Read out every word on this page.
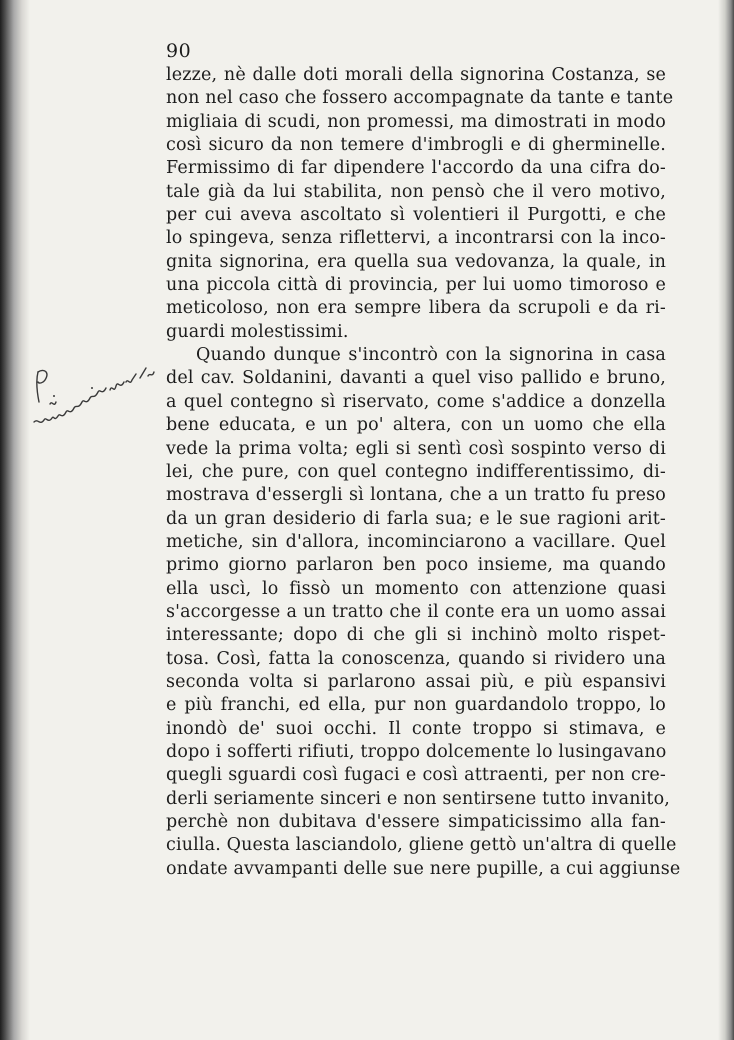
90
lezze, nè dalle doti morali della signorina Costanza, se
non nel caso che fossero accompagnate da tante e tante
migliaia di scudi, non promessi, ma dimostrati in modo
così sicuro da non temere d'imbrogli e di gherminelle.
Fermissimo di far dipendere l'accordo da una cifra do-
tale già da lui stabilita, non pensò che il vero motivo,
per cui aveva ascoltato sì volentieri il Purgotti, e che
lo spingeva, senza riflettervi, a incontrarsi con la inco-
gnita signorina, era quella sua vedovanza, la quale, in
una piccola città di provincia, per lui uomo timoroso e
meticoloso, non era sempre libera da scrupoli e da ri-
guardi molestissimi.
Quando dunque s'incontrò con la signorina in casa
del cav. Soldanini, davanti a quel viso pallido e bruno,
a quel contegno sì riservato, come s'addice a donzella
bene educata, e un po' altera, con un uomo che ella
vede la prima volta; egli si sentì così sospinto verso di
lei, che pure, con quel contegno indifferentissimo, di-
mostrava d'essergli sì lontana, che a un tratto fu preso
da un gran desiderio di farla sua; e le sue ragioni arit-
metiche, sin d'allora, incominciarono a vacillare. Quel
primo giorno parlaron ben poco insieme, ma quando
ella uscì, lo fissò un momento con attenzione quasi
s'accorgesse a un tratto che il conte era un uomo assai
interessante; dopo di che gli si inchinò molto rispet-
tosa. Così, fatta la conoscenza, quando si rividero una
seconda volta si parlarono assai più, e più espansivi
e più franchi, ed ella, pur non guardandolo troppo, lo
inondò de' suoi occhi. Il conte troppo si stimava, e
dopo i sofferti rifiuti, troppo dolcemente lo lusingavano
quegli sguardi così fugaci e così attraenti, per non cre-
derli seriamente sinceri e non sentirsene tutto invanito,
perchè non dubitava d'essere simpaticissimo alla fan-
ciulla. Questa lasciandolo, gliene gettò un'altra di quelle
ondate avvampanti delle sue nere pupille, a cui aggiunse
